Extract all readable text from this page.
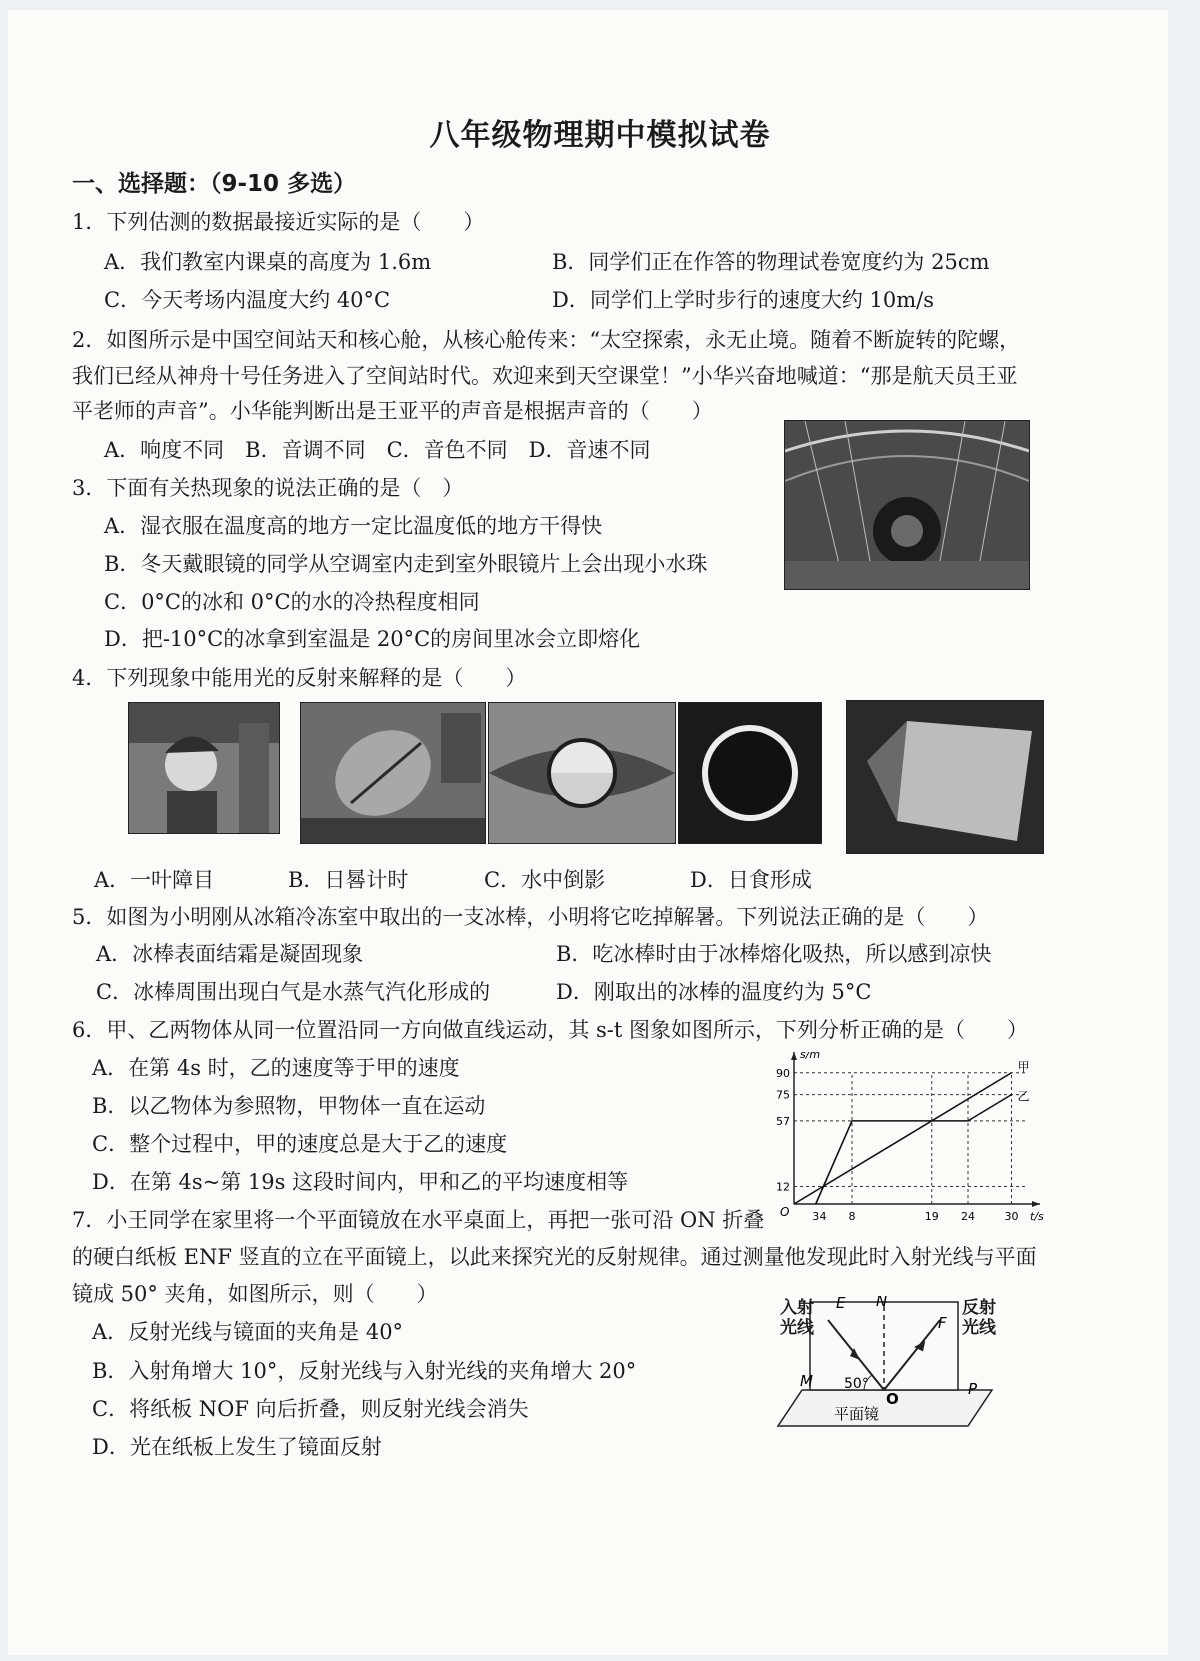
八年级物理期中模拟试卷
一、选择题：（9-10 多选）
1．下列估测的数据最接近实际的是（　　）
A．我们教室内课桌的高度为 1.6m	B．同学们正在作答的物理试卷宽度约为 25cm
C．今天考场内温度大约 40°C	D．同学们上学时步行的速度大约 10m/s
2．如图所示是中国空间站天和核心舱，从核心舱传来：“太空探索，永无止境。随着不断旋转的陀螺，
我们已经从神舟十号任务进入了空间站时代。欢迎来到天空课堂！”小华兴奋地喊道：“那是航天员王亚
平老师的声音”。小华能判断出是王亚平的声音是根据声音的（　　）
A．响度不同　B．音调不同　C．音色不同　D．音速不同
3．下面有关热现象的说法正确的是（　）
A．湿衣服在温度高的地方一定比温度低的地方干得快
B．冬天戴眼镜的同学从空调室内走到室外眼镜片上会出现小水珠
C．0°C的冰和 0°C的水的冷热程度相同
D．把-10°C的冰拿到室温是 20°C的房间里冰会立即熔化
4．下列现象中能用光的反射来解释的是（　　）
A．一叶障目	B．日晷计时	C．水中倒影	D．日食形成
5．如图为小明刚从冰箱冷冻室中取出的一支冰棒，小明将它吃掉解暑。下列说法正确的是（　　）
A．冰棒表面结霜是凝固现象	B．吃冰棒时由于冰棒熔化吸热，所以感到凉快
C．冰棒周围出现白气是水蒸气汽化形成的	D．刚取出的冰棒的温度约为 5°C
6．甲、乙两物体从同一位置沿同一方向做直线运动，其 s-t 图象如图所示，下列分析正确的是（　　）
A．在第 4s 时，乙的速度等于甲的速度
B．以乙物体为参照物，甲物体一直在运动
C．整个过程中，甲的速度总是大于乙的速度
D．在第 4s~第 19s 这段时间内，甲和乙的平均速度相等
s/m
t/s
O
12
57
75
90
3 4 8	19 24	30
甲
乙
7．小王同学在家里将一个平面镜放在水平桌面上，再把一张可沿 ON 折叠
的硬白纸板 ENF 竖直的立在平面镜上，以此来探究光的反射规律。通过测量他发现此时入射光线与平面
镜成 50° 夹角，如图所示，则（　　）
A．反射光线与镜面的夹角是 40°
B．入射角增大 10°，反射光线与入射光线的夹角增大 20°
C．将纸板 NOF 向后折叠，则反射光线会消失
D．光在纸板上发生了镜面反射
E N
F
O
M	P
50°
平面镜
入射光线
反射光线
